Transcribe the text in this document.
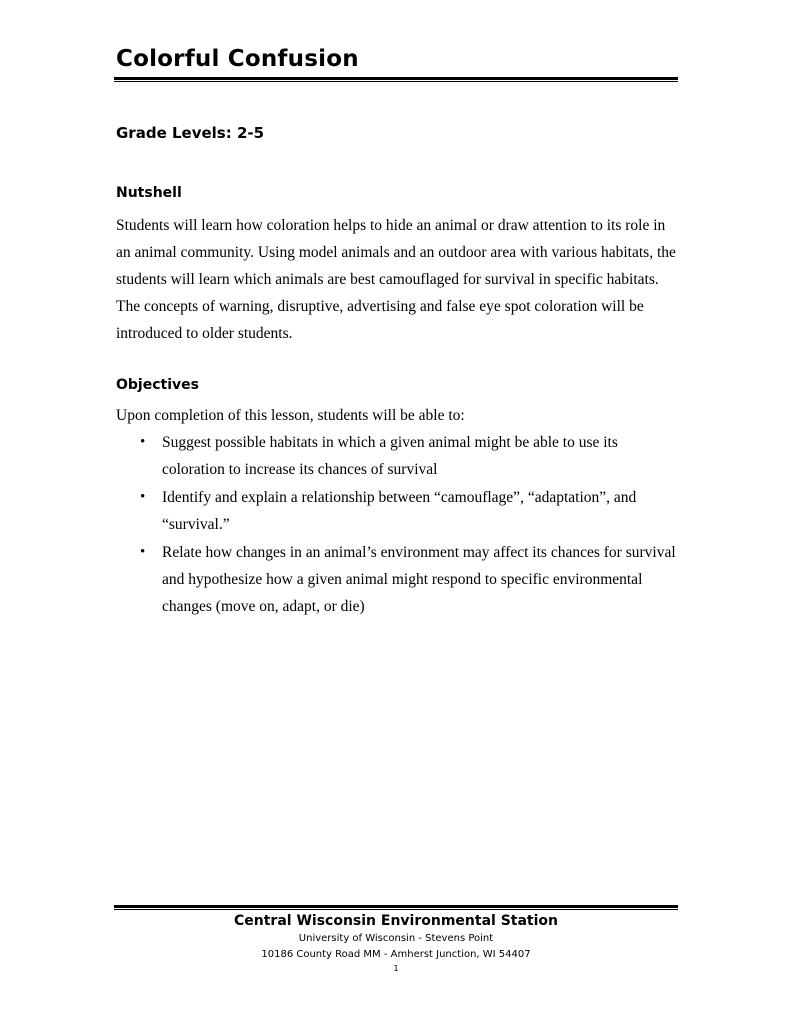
Colorful Confusion

Grade Levels: 2-5

Nutshell

Students will learn how coloration helps to hide an animal or draw attention to its role in an animal community. Using model animals and an outdoor area with various habitats, the students will learn which animals are best camouflaged for survival in specific habitats. The concepts of warning, disruptive, advertising and false eye spot coloration will be introduced to older students.

Objectives

Upon completion of this lesson, students will be able to:

• Suggest possible habitats in which a given animal might be able to use its coloration to increase its chances of survival
• Identify and explain a relationship between “camouflage”, “adaptation”, and “survival.”
• Relate how changes in an animal’s environment may affect its chances for survival and hypothesize how a given animal might respond to specific environmental changes (move on, adapt, or die)

Central Wisconsin Environmental Station

University of Wisconsin - Stevens Point

10186 County Road MM - Amherst Junction, WI 54407

1
